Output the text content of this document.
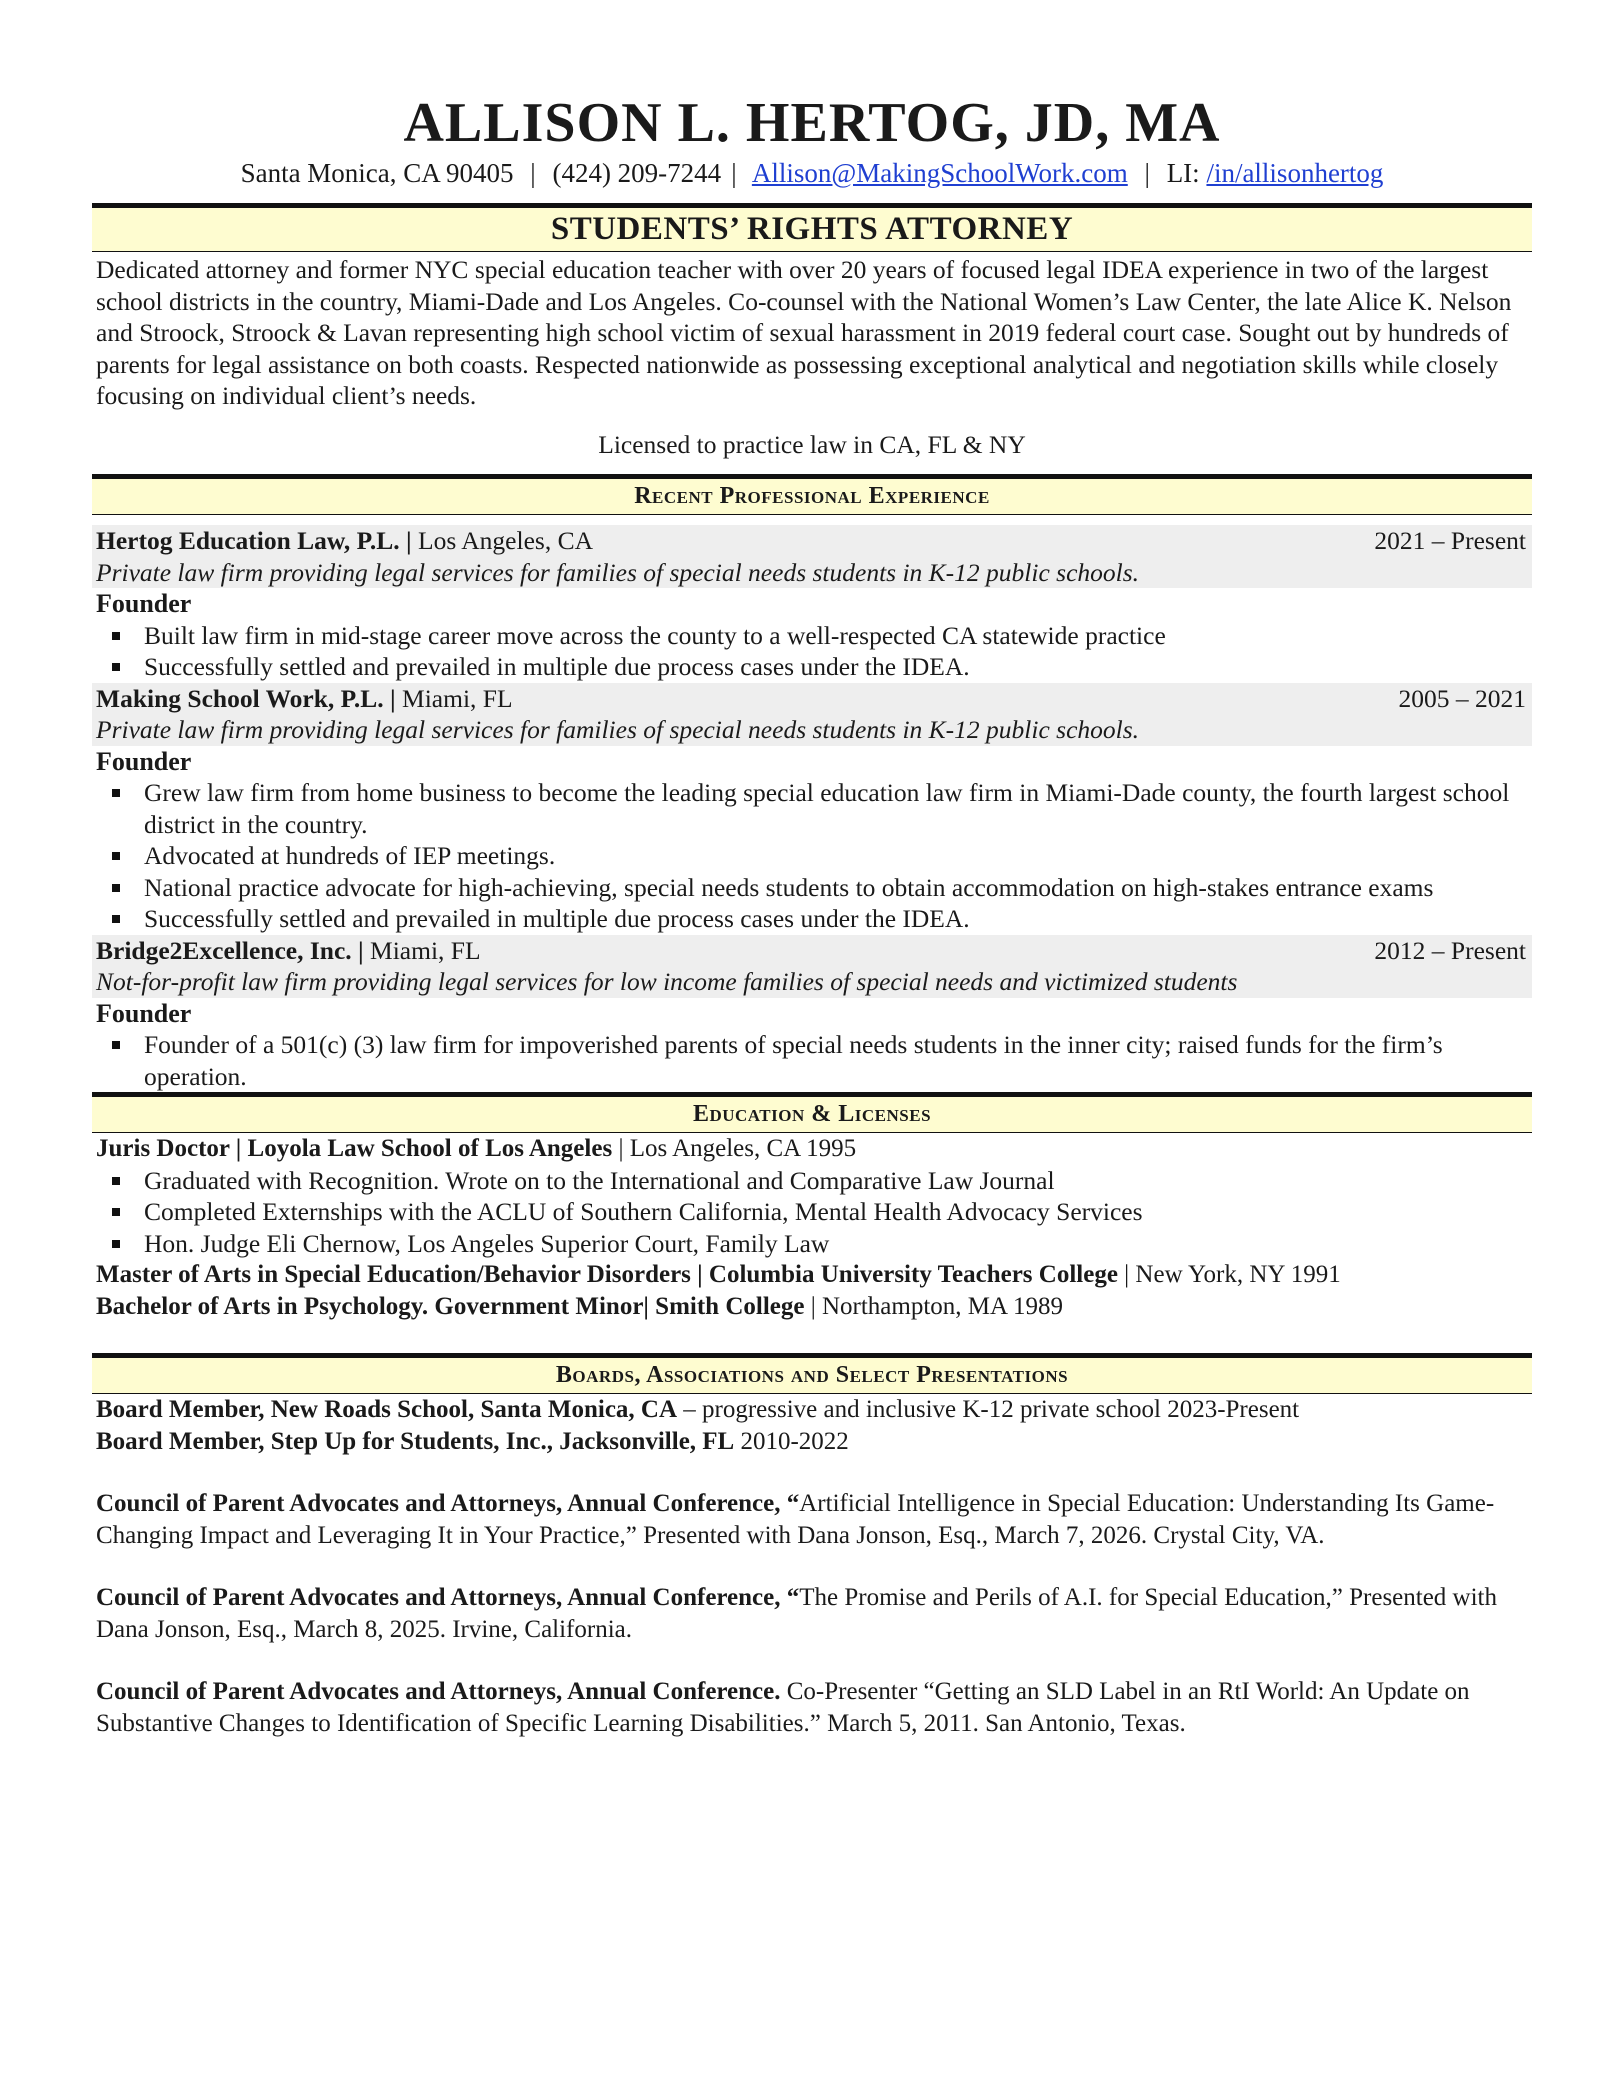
ALLISON L. HERTOG, JD, MA
Santa Monica, CA 90405 | (424) 209-7244 | Allison@MakingSchoolWork.com | LI: /in/allisonhertog
STUDENTS’ RIGHTS ATTORNEY
Dedicated attorney and former NYC special education teacher with over 20 years of focused legal IDEA experience in two of the largest school districts in the country, Miami-Dade and Los Angeles. Co-counsel with the National Women’s Law Center, the late Alice K. Nelson and Stroock, Stroock & Lavan representing high school victim of sexual harassment in 2019 federal court case. Sought out by hundreds of parents for legal assistance on both coasts. Respected nationwide as possessing exceptional analytical and negotiation skills while closely focusing on individual client’s needs.
Licensed to practice law in CA, FL & NY
Recent Professional Experience
Hertog Education Law, P.L. | Los Angeles, CA	2021 – Present
Private law firm providing legal services for families of special needs students in K-12 public schools.
Founder
Built law firm in mid-stage career move across the county to a well-respected CA statewide practice
Successfully settled and prevailed in multiple due process cases under the IDEA.
Making School Work, P.L. | Miami, FL	2005 – 2021
Private law firm providing legal services for families of special needs students in K-12 public schools.
Founder
Grew law firm from home business to become the leading special education law firm in Miami-Dade county, the fourth largest school district in the country.
Advocated at hundreds of IEP meetings.
National practice advocate for high-achieving, special needs students to obtain accommodation on high-stakes entrance exams
Successfully settled and prevailed in multiple due process cases under the IDEA.
Bridge2Excellence, Inc. | Miami, FL	2012 – Present
Not-for-profit law firm providing legal services for low income families of special needs and victimized students
Founder
Founder of a 501(c) (3) law firm for impoverished parents of special needs students in the inner city; raised funds for the firm’s operation.
Education & Licenses
Juris Doctor | Loyola Law School of Los Angeles | Los Angeles, CA 1995
Graduated with Recognition. Wrote on to the International and Comparative Law Journal
Completed Externships with the ACLU of Southern California, Mental Health Advocacy Services
Hon. Judge Eli Chernow, Los Angeles Superior Court, Family Law
Master of Arts in Special Education/Behavior Disorders | Columbia University Teachers College | New York, NY 1991
Bachelor of Arts in Psychology. Government Minor| Smith College | Northampton, MA 1989
Boards, Associations and Select Presentations
Board Member, New Roads School, Santa Monica, CA – progressive and inclusive K-12 private school 2023-Present
Board Member, Step Up for Students, Inc., Jacksonville, FL 2010-2022
Council of Parent Advocates and Attorneys, Annual Conference, “Artificial Intelligence in Special Education: Understanding Its Game-Changing Impact and Leveraging It in Your Practice,” Presented with Dana Jonson, Esq., March 7, 2026. Crystal City, VA.
Council of Parent Advocates and Attorneys, Annual Conference, “The Promise and Perils of A.I. for Special Education,” Presented with Dana Jonson, Esq., March 8, 2025. Irvine, California.
Council of Parent Advocates and Attorneys, Annual Conference. Co-Presenter “Getting an SLD Label in an RtI World: An Update on Substantive Changes to Identification of Specific Learning Disabilities.” March 5, 2011. San Antonio, Texas.
